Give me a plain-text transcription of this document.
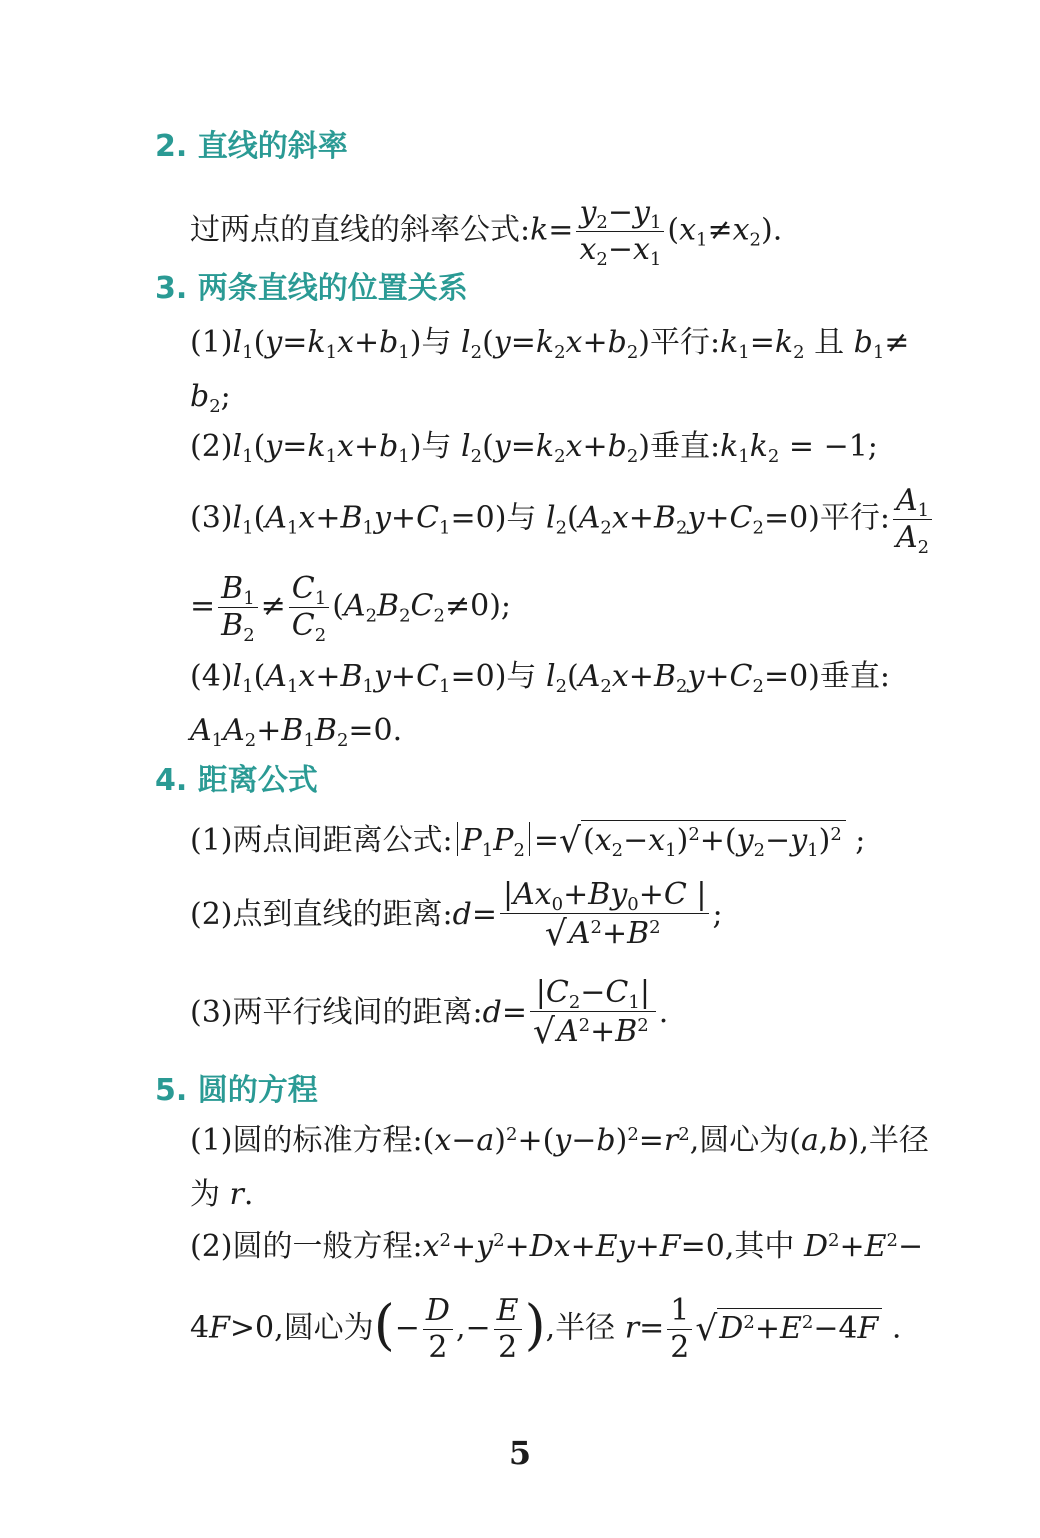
2. 直线的斜率
过两点的直线的斜率公式:k= $\frac{y_2-y_1}{x_2-x_1} (x_1\ne x_2)$.
3. 两条直线的位置关系
$(1)l_1(y=k_1x+b_1)$与 $l_2(y=k_2x+b_2)$平行$:k_1=k_2$ 且 $b_1\ne$
$b_2$;
$(2)l_1(y=k_1x+b_1)$与 $l_2(y=k_2x+b_2)$垂直$:k_1k_2 = -1$;
$(3)l_1(A_1x+B_1y+C_1=0)$与 $l_2(A_2x+B_2y+C_2=0)$平行: $\frac{A_1}{A_2}$
= $\frac{B_1}{B_2} \ne \frac{C_1}{C_2} (A_2B_2C_2\ne 0)$;
$(4)l_1(A_1x+B_1y+C_1=0)$与 $l_2(A_2x+B_2y+C_2=0)$垂直:
$A_1A_2+B_1B_2=0$.
4. 距离公式
(1)两点间距离公式: $P_1P_2 =√(x_2-x_1)^2+(y_2-y_1)^2$ ;
(2)点到直线的距离:d= $\frac{|Ax_0+By_0+C |}{√A^2+B^2}$ ;
(3)两平行线间的距离:d= $\frac{|C_2-C_1|}{√A^2+B^2}$ .
5. 圆的方程
(1)圆的标准方程$:(x-a)^2+(y-b)^2=r^2$,圆心为(a,b),半径
为 r.
(2)圆的一般方程$:x^2+y^2+Dx+Ey+F=0$,其中 $D^2+E^2-$
4F>0,圆心为(− $\frac{D}{2}$ ,− $\frac{E}{2}$ ),半径 $r= \frac{1}{2} √D^2+E^2-4F$ .
5
